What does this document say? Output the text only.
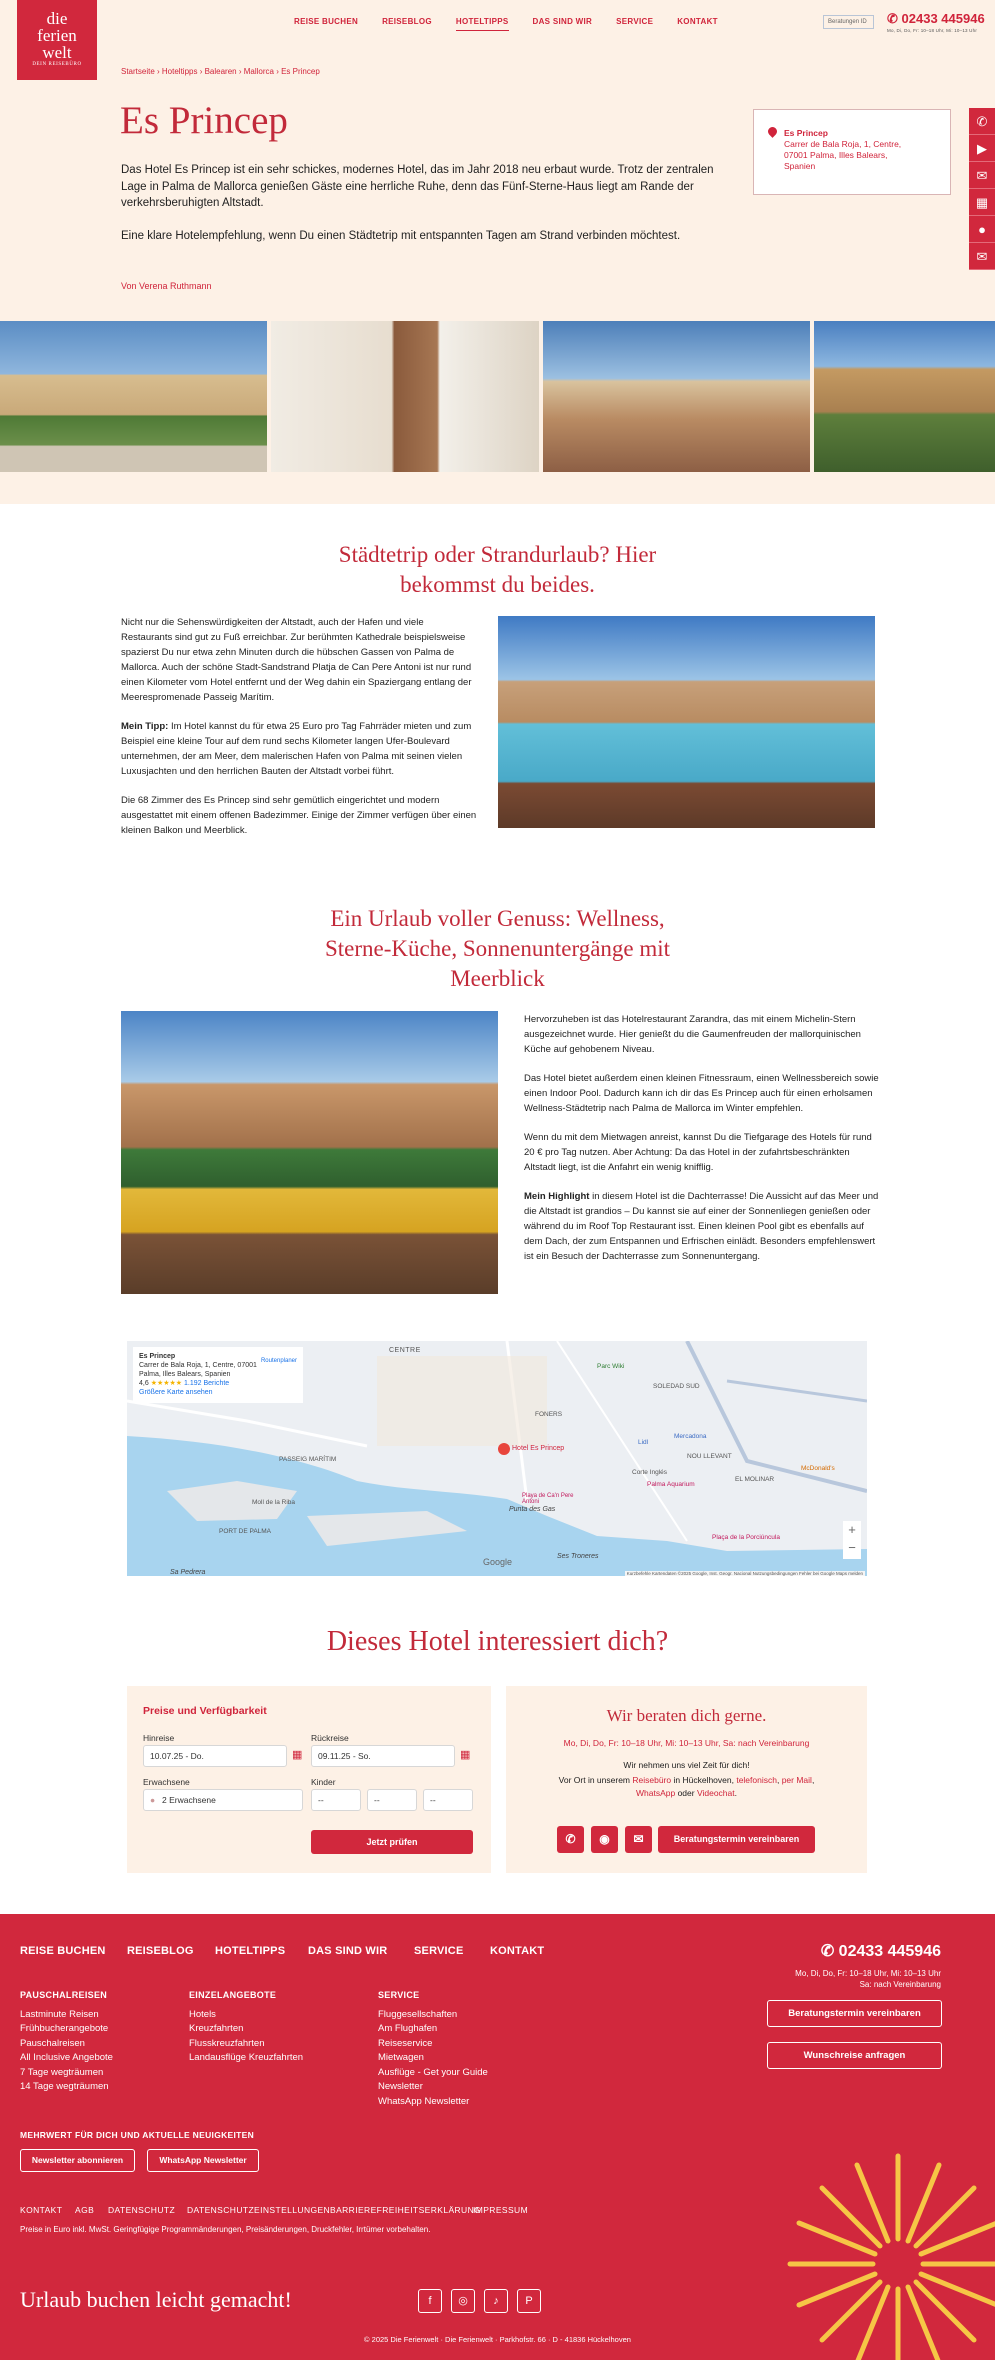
die
ferien
welt
DEIN REISEBÜRO
REISE BUCHEN	REISEBLOG	HOTELTIPPS	DAS SIND WIR	SERVICE	KONTAKT	Beratungen ID	✆ 02433 445946
Mo, Di, Do, Fr: 10–18 Uhr, Mi: 10–13 Uhr
Startseite › Hoteltipps › Balearen › Mallorca › Es Princep
Es Princep

Das Hotel Es Princep ist ein sehr schickes, modernes Hotel, das im Jahr 2018 neu erbaut wurde. Trotz der zentralen Lage in Palma de Mallorca genießen Gäste eine herrliche Ruhe, denn das Fünf-Sterne-Haus liegt am Rande der verkehrsberuhigten Altstadt.

Eine klare Hotelempfehlung, wenn Du einen Städtetrip mit entspannten Tagen am Strand verbinden möchtest.

Von Verena Ruthmann
Es Princep
Carrer de Bala Roja, 1, Centre,
07001 Palma, Illes Balears,
Spanien
✆
▶
✉
▦
●
✉
Städtetrip oder Strandurlaub? Hier
bekommst du beides.

Nicht nur die Sehenswürdigkeiten der Altstadt, auch der Hafen und viele Restaurants sind gut zu Fuß erreichbar. Zur berühmten Kathedrale beispielsweise spazierst Du nur etwa zehn Minuten durch die hübschen Gassen von Palma de Mallorca. Auch der schöne Stadt-Sandstrand Platja de Can Pere Antoni ist nur rund einen Kilometer vom Hotel entfernt und der Weg dahin ein Spaziergang entlang der Meerespromenade Passeig Marítim.

Mein Tipp: Im Hotel kannst du für etwa 25 Euro pro Tag Fahrräder mieten und zum Beispiel eine kleine Tour auf dem rund sechs Kilometer langen Ufer-Boulevard unternehmen, der am Meer, dem malerischen Hafen von Palma mit seinen vielen Luxusjachten und den herrlichen Bauten der Altstadt vorbei führt.

Die 68 Zimmer des Es Princep sind sehr gemütlich eingerichtet und modern ausgestattet mit einem offenen Badezimmer. Einige der Zimmer verfügen über einen kleinen Balkon und Meerblick.

Ein Urlaub voller Genuss: Wellness,
Sterne-Küche, Sonnenuntergänge mit
Meerblick

Hervorzuheben ist das Hotelrestaurant Zarandra, das mit einem Michelin-Stern ausgezeichnet wurde. Hier genießt du die Gaumenfreuden der mallorquinischen Küche auf gehobenem Niveau.

Das Hotel bietet außerdem einen kleinen Fitnessraum, einen Wellnessbereich sowie einen Indoor Pool. Dadurch kann ich dir das Es Princep auch für einen erholsamen Wellness-Städtetrip nach Palma de Mallorca im Winter empfehlen.

Wenn du mit dem Mietwagen anreist, kannst Du die Tiefgarage des Hotels für rund 20 € pro Tag nutzen. Aber Achtung: Da das Hotel in der zufahrtsbeschränkten Altstadt liegt, ist die Anfahrt ein wenig knifflig.

Mein Highlight in diesem Hotel ist die Dachterrasse! Die Aussicht auf das Meer und die Altstadt ist grandios – Du kannst sie auf einer der Sonnenliegen genießen oder während du im Roof Top Restaurant isst. Einen kleinen Pool gibt es ebenfalls auf dem Dach, der zum Entspannen und Erfrischen einlädt. Besonders empfehlenswert ist ein Besuch der Dachterrasse zum Sonnenuntergang.

Es Princep
Carrer de Bala Roja, 1, Centre, 07001
Palma, Illes Balears, Spanien
4,6 ★★★★★ 1.192 Berichte
Größere Karte ansehen
Routenplaner
CENTRE
PASSEIG MARÍTIM
PORT DE PALMA
NOU LLEVANT
EL MOLINAR
SOLEDAD SUD
FONERS
Punta des Gas
Ses Troneres
Sa Pedrera
Parc Wiki
Lidl
Mercadona
McDonald's
Palma Aquarium
Playa de Ca'n Pere Antoni
Plaça de la Porciúncula
Corte Inglés
Moll de la Riba
Hotel Es Princep
+
−
Google
Kurzbefehle Kartendaten ©2025 Google, Inst. Geogr. Nacional Nutzungsbedingungen Fehler bei Google Maps melden
Dieses Hotel interessiert dich?
Preise und Verfügbarkeit
Hinreise
10.07.25 - Do.	▦
Rückreise
09.11.25 - So.	▦
Erwachsene
● 2 Erwachsene
Kinder
--	--	--
Jetzt prüfen
Wir beraten dich gerne.
Mo, Di, Do, Fr: 10–18 Uhr, Mi: 10–13 Uhr, Sa: nach Vereinbarung
Wir nehmen uns viel Zeit für dich!
Vor Ort in unserem Reisebüro in Hückelhoven, telefonisch, per Mail,
WhatsApp oder Videochat.
✆	◉	✉	Beratungstermin vereinbaren
REISE BUCHEN REISEBLOG HOTELTIPPS DAS SIND WIR SERVICE KONTAKT	✆ 02433 445946
Mo, Di, Do, Fr: 10–18 Uhr, Mi: 10–13 Uhr
Sa: nach Vereinbarung
PAUSCHALREISEN
Lastminute Reisen
Frühbucherangebote
Pauschalreisen
All Inclusive Angebote
7 Tage wegträumen
14 Tage wegträumen
EINZELANGEBOTE
Hotels
Kreuzfahrten
Flusskreuzfahrten
Landausflüge Kreuzfahrten
SERVICE
Fluggesellschaften
Am Flughafen
Reiseservice
Mietwagen
Ausflüge - Get your Guide
Newsletter
WhatsApp Newsletter
Beratungstermin vereinbaren
Wunschreise anfragen
MEHRWERT FÜR DICH UND AKTUELLE NEUIGKEITEN
Newsletter abonnieren	WhatsApp Newsletter
KONTAKT AGB DATENSCHUTZ DATENSCHUTZEINSTELLUNGEN BARRIEREFREIHEITSERKLÄRUNG
IMPRESSUM
Preise in Euro inkl. MwSt. Geringfügige Programmänderungen, Preisänderungen, Druckfehler, Irrtümer vorbehalten.
Urlaub buchen leicht gemacht!
© 2025 Die Ferienwelt · Die Ferienwelt · Parkhofstr. 66 · D - 41836 Hückelhoven
f	◎	♪	P
